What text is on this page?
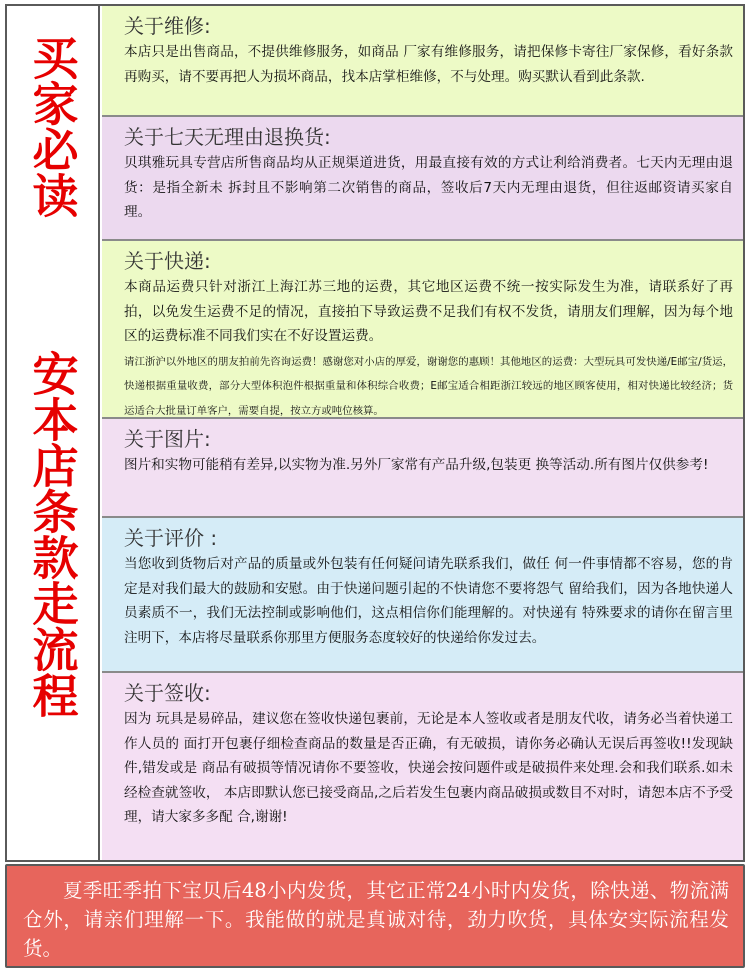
买家必读
安本店条款走流程
关于维修:
本店只是出售商品，不提供维修服务，如商品 厂家有维修服务，请把保修卡寄往厂家保修，看好条款再购买，请不要再把人为损坏商品，找本店掌柜维修，不与处理。购买默认看到此条款.
关于七天无理由退换货:
贝琪雅玩具专营店所售商品均从正规渠道进货，用最直接有效的方式让利给消费者。七天内无理由退货：是指全新未 拆封且不影响第二次销售的商品，签收后7天内无理由退货，但往返邮资请买家自理。
关于快递:
本商品运费只针对浙江上海江苏三地的运费，其它地区运费不统一按实际发生为准，请联系好了再拍，以免发生运费不足的情况，直接拍下导致运费不足我们有权不发货，请朋友们理解，因为每个地区的运费标准不同我们实在不好设置运费。
请江浙沪以外地区的朋友拍前先咨询运费！感谢您对小店的厚爱，谢谢您的惠顾！其他地区的运费：大型玩具可发快递/E邮宝/货运，快递根据重量收费，部分大型体积泡件根据重量和体积综合收费；E邮宝适合相距浙江较远的地区顾客使用，相对快递比较经济；货运适合大批量订单客户，需要自提，按立方或吨位核算。
关于图片:
图片和实物可能稍有差异,以实物为准.另外厂家常有产品升级,包装更 换等活动.所有图片仅供参考!
关于评价 :
当您收到货物后对产品的质量或外包装有任何疑问请先联系我们，做任 何一件事情都不容易，您的肯定是对我们最大的鼓励和安慰。由于快递问题引起的不快请您不要将怨气 留给我们，因为各地快递人员素质不一，我们无法控制或影响他们，这点相信你们能理解的。对快递有 特殊要求的请你在留言里注明下，本店将尽量联系你那里方便服务态度较好的快递给你发过去。
关于签收:
因为 玩具是易碎品，建议您在签收快递包裹前，无论是本人签收或者是朋友代收，请务必当着快递工作人员的 面打开包裹仔细检查商品的数量是否正确，有无破损，请你务必确认无误后再签收!!发现缺件,错发或是 商品有破损等情况请你不要签收，快递会按问题件或是破损件来处理.会和我们联系.如未经检查就签收， 本店即默认您已接受商品,之后若发生包裹内商品破损或数目不对时，请恕本店不予受理，请大家多多配 合,谢谢!
夏季旺季拍下宝贝后48小内发货，其它正常24小时内发货，除快递、物流满仓外，请亲们理解一下。我能做的就是真诚对待，劲力吹货，具体安实际流程发货。
